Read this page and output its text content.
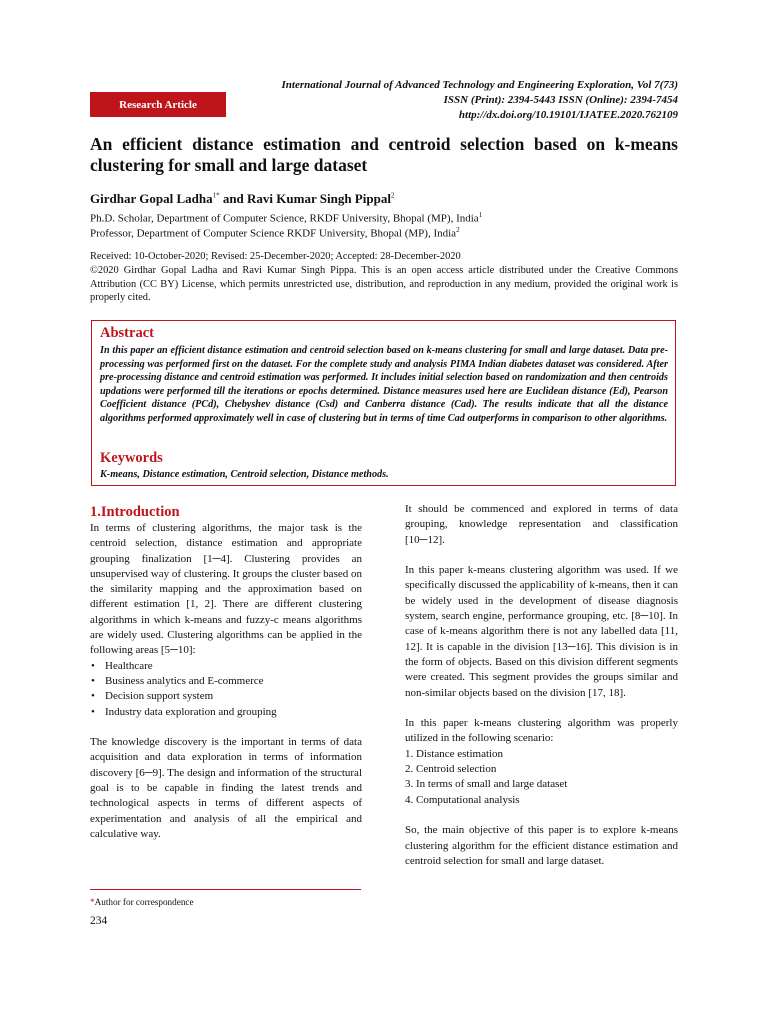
International Journal of Advanced Technology and Engineering Exploration, Vol 7(73)
ISSN (Print): 2394-5443 ISSN (Online): 2394-7454
http://dx.doi.org/10.19101/IJATEE.2020.762109
Research Article
An efficient distance estimation and centroid selection based on k-means clustering for small and large dataset
Girdhar Gopal Ladha$^{1*}$ and Ravi Kumar Singh Pippal$^2$
Ph.D. Scholar, Department of Computer Science, RKDF University, Bhopal (MP), India$^1$
Professor, Department of Computer Science RKDF University, Bhopal (MP), India$^2$
Received: 10-October-2020; Revised: 25-December-2020; Accepted: 28-December-2020
©2020 Girdhar Gopal Ladha and Ravi Kumar Singh Pippa. This is an open access article distributed under the Creative Commons Attribution (CC BY) License, which permits unrestricted use, distribution, and reproduction in any medium, provided the original work is properly cited.
Abstract
In this paper an efficient distance estimation and centroid selection based on k-means clustering for small and large dataset. Data pre-processing was performed first on the dataset. For the complete study and analysis PIMA Indian diabetes dataset was considered. After pre-processing distance and centroid estimation was performed. It includes initial selection based on randomization and then centroids updations were performed till the iterations or epochs determined. Distance measures used here are Euclidean distance (Ed), Pearson Coefficient distance (PCd), Chebyshev distance (Csd) and Canberra distance (Cad). The results indicate that all the distance algorithms performed approximately well in case of clustering but in terms of time Cad outperforms in comparison to other algorithms.
Keywords
K-means, Distance estimation, Centroid selection, Distance methods.
1.Introduction

In terms of clustering algorithms, the major task is the centroid selection, distance estimation and appropriate grouping finalization [1─4]. Clustering provides an unsupervised way of clustering. It groups the cluster based on the similarity mapping and the approximation based on different estimation [1, 2]. There are different clustering algorithms in which k-means and fuzzy-c means algorithms are widely used. Clustering algorithms can be applied in the following areas [5─10]:

• Healthcare
• Business analytics and E-commerce
• Decision support system
• Industry data exploration and grouping

The knowledge discovery is the important in terms of data acquisition and data exploration in terms of information discovery [6─9]. The design and information of the structural goal is to be capable in finding the latest trends and technological aspects in terms of different aspects of experimentation and analysis of all the empirical and calculative way.

It should be commenced and explored in terms of data grouping, knowledge representation and classification [10─12].

In this paper k-means clustering algorithm was used. If we specifically discussed the applicability of k-means, then it can be widely used in the development of disease diagnosis system, search engine, performance grouping, etc. [8─10]. In case of k-means algorithm there is not any labelled data [11, 12]. It is capable in the division [13─16]. This division is in the form of objects. Based on this division different segments were created. This segment provides the groups similar and non-similar objects based on the division [17, 18].

In this paper k-means clustering algorithm was properly utilized in the following scenario:

1. Distance estimation
2. Centroid selection
3. In terms of small and large dataset
4. Computational analysis

So, the main objective of this paper is to explore k-means clustering algorithm for the efficient distance estimation and centroid selection for small and large dataset.

*Author for correspondence
234
